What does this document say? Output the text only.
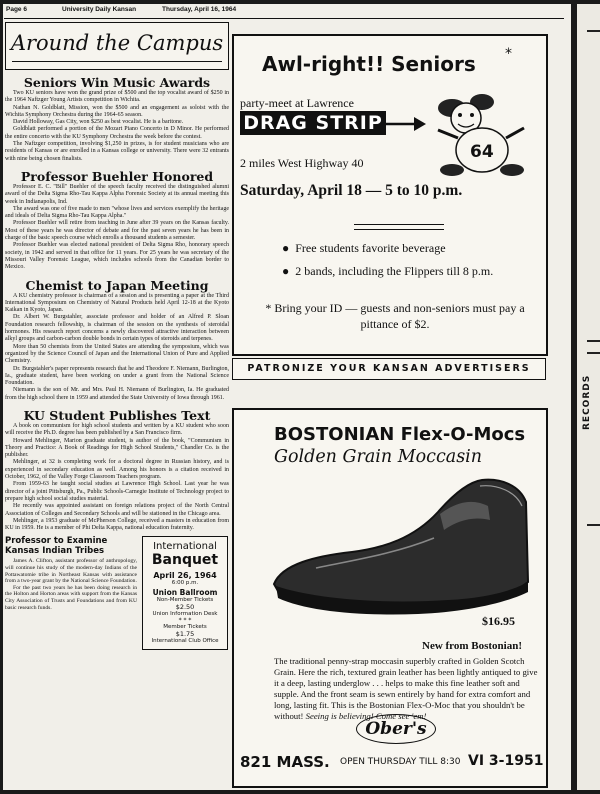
RECORDS
Page 6	University Daily Kansan	Thursday, April 16, 1964
Around the Campus
Seniors Win Music Awards

Two KU seniors have won the grand prize of $500 and the top vocalist award of $250 in the 1964 Naftzger Young Artists competition in Wichita.

Nathan N. Goldblatt, Mission, won the $500 and an engagement as soloist with the Wichita Symphony Orchestra during the 1964-65 season.

David Holloway, Gas City, won $250 as best vocalist. He is a baritone.

Goldblatt performed a portion of the Mozart Piano Concerto in D Minor. He performed the entire concerto with the KU Symphony Orchestra the week before the contest.

The Naftzger competition, involving $1,250 in prizes, is for student musicians who are residents of Kansas or are enrolled in a Kansas college or university. There were 32 entrants with nine being chosen finalists.

Professor Buehler Honored

Professor E. C. "Bill" Buehler of the speech faculty received the distinguished alumni award of the Delta Sigma Rho-Tau Kappa Alpha Forensic Society at its annual meeting this week in Indianapolis, Ind.

The award was one of five made to men "whose lives and services exemplify the heritage and ideals of Delta Sigma Rho-Tau Kappa Alpha."

Professor Buehler will retire from teaching in June after 39 years on the Kansas faculty. Most of these years he was director of debate and for the past seven years he has been in charge of the basic speech course which enrolls a thousand students a semester.

Professor Buehler was elected national president of Delta Sigma Rho, honorary speech society, in 1942 and served in that office for 11 years. For 25 years he was secretary of the Missouri Valley Forensic League, which includes schools from the Canadian border to Mexico.

Chemist to Japan Meeting

A KU chemistry professor is chairman of a session and is presenting a paper at the Third International Symposium on Chemistry of Natural Products held April 12-18 at the Kyoto Kaikan in Kyoto, Japan.

Dr. Albert W. Burgstahler, associate professor and holder of an Alfred P. Sloan Foundation research fellowship, is chairman of the session on the synthesis of steroidal hormones. His research report concerns a newly discovered attractive interaction between alkyl groups and carbon-carbon double bonds in certain types of steroids and terpenes.

More than 50 chemists from the United States are attending the symposium, which was organized by the Science Council of Japan and the International Union of Pure and Applied Chemistry.

Dr. Burgstahler's paper represents research that he and Theodore F. Niemann, Burlington, Ia., graduate student, have been working on under a grant from the National Science Foundation.

Niemann is the son of Mr. and Mrs. Paul H. Niemann of Burlington, Ia. He graduated from the high school there in 1959 and attended the State University of Iowa through 1961.

KU Student Publishes Text

A book on communism for high school students and written by a KU student who soon will receive the Ph.D. degree has been published by a San Francisco firm.

Howard Mehlinger, Marion graduate student, is author of the book, "Communism in Theory and Practice: A Book of Readings for High School Students," Chandler Co. is the publisher.

Mehlinger, at 32 is completing work for a doctoral degree in Russian history, and is experienced in secondary education as well. Among his honors is a citation received in October, 1962, of the Valley Forge Classroom Teachers program.

From 1959-63 he taught social studies at Lawrence High School. Last year he was director of a joint Pittsburgh, Pa., Public Schools-Carnegie Institute of Technology project to prepare high school social studies material.

He recently was appointed assistant on foreign relations project of the North Central Association of Colleges and Secondary Schools and will be stationed in the Chicago area.

Mehlinger, a 1953 graduate of McPherson College, received a masters in education from KU in 1959. He is a member of Phi Delta Kappa, national education fraternity.

Professor to Examine Kansas Indian Tribes

James A. Clifton, assistant professor of anthropology, will continue his study of the modern-day Indians of the Pottawatomie tribe in Northeast Kansas with assistance from a two-year grant by the National Science Foundation.

For the past two years he has been doing research in the Holton and Horton areas with support from the Kansas City Association of Trusts and Foundations and from KU basic research funds.

International
Banquet
April 26, 1964
6:00 p.m.
Union Ballroom
Non-Member Tickets
$2.50
Union Information Desk
* * *
Member Tickets
$1.75
International Club Office
Awl-right!! Seniors *
party-meet at Lawrence
DRAG STRIP
64
2 miles West Highway 40
Saturday, April 18 — 5 to 10 p.m.
●  Free students favorite beverage
●  2 bands, including the Flippers till 8 p.m.
* Bring your ID — guests and non-seniors must pay a pittance of $2.
PATRONIZE YOUR KANSAN ADVERTISERS
BOSTONIAN Flex-O-Mocs
Golden Grain Moccasin
$16.95
New from Bostonian!
The traditional penny-strap moccasin superbly crafted in Golden Scotch Grain. Here the rich, textured grain leather has been lightly antiqued to give it a deep, lasting underglow . . . helps to make this fine leather soft and supple. And the front seam is sewn entirely by hand for extra comfort and long, lasting fit. This is the Bostonian Flex-O-Moc that you shouldn't be without! Seeing is believing! Come see 'em!
Ober's
821 MASS. OPEN THURSDAY TILL 8:30 VI 3-1951
